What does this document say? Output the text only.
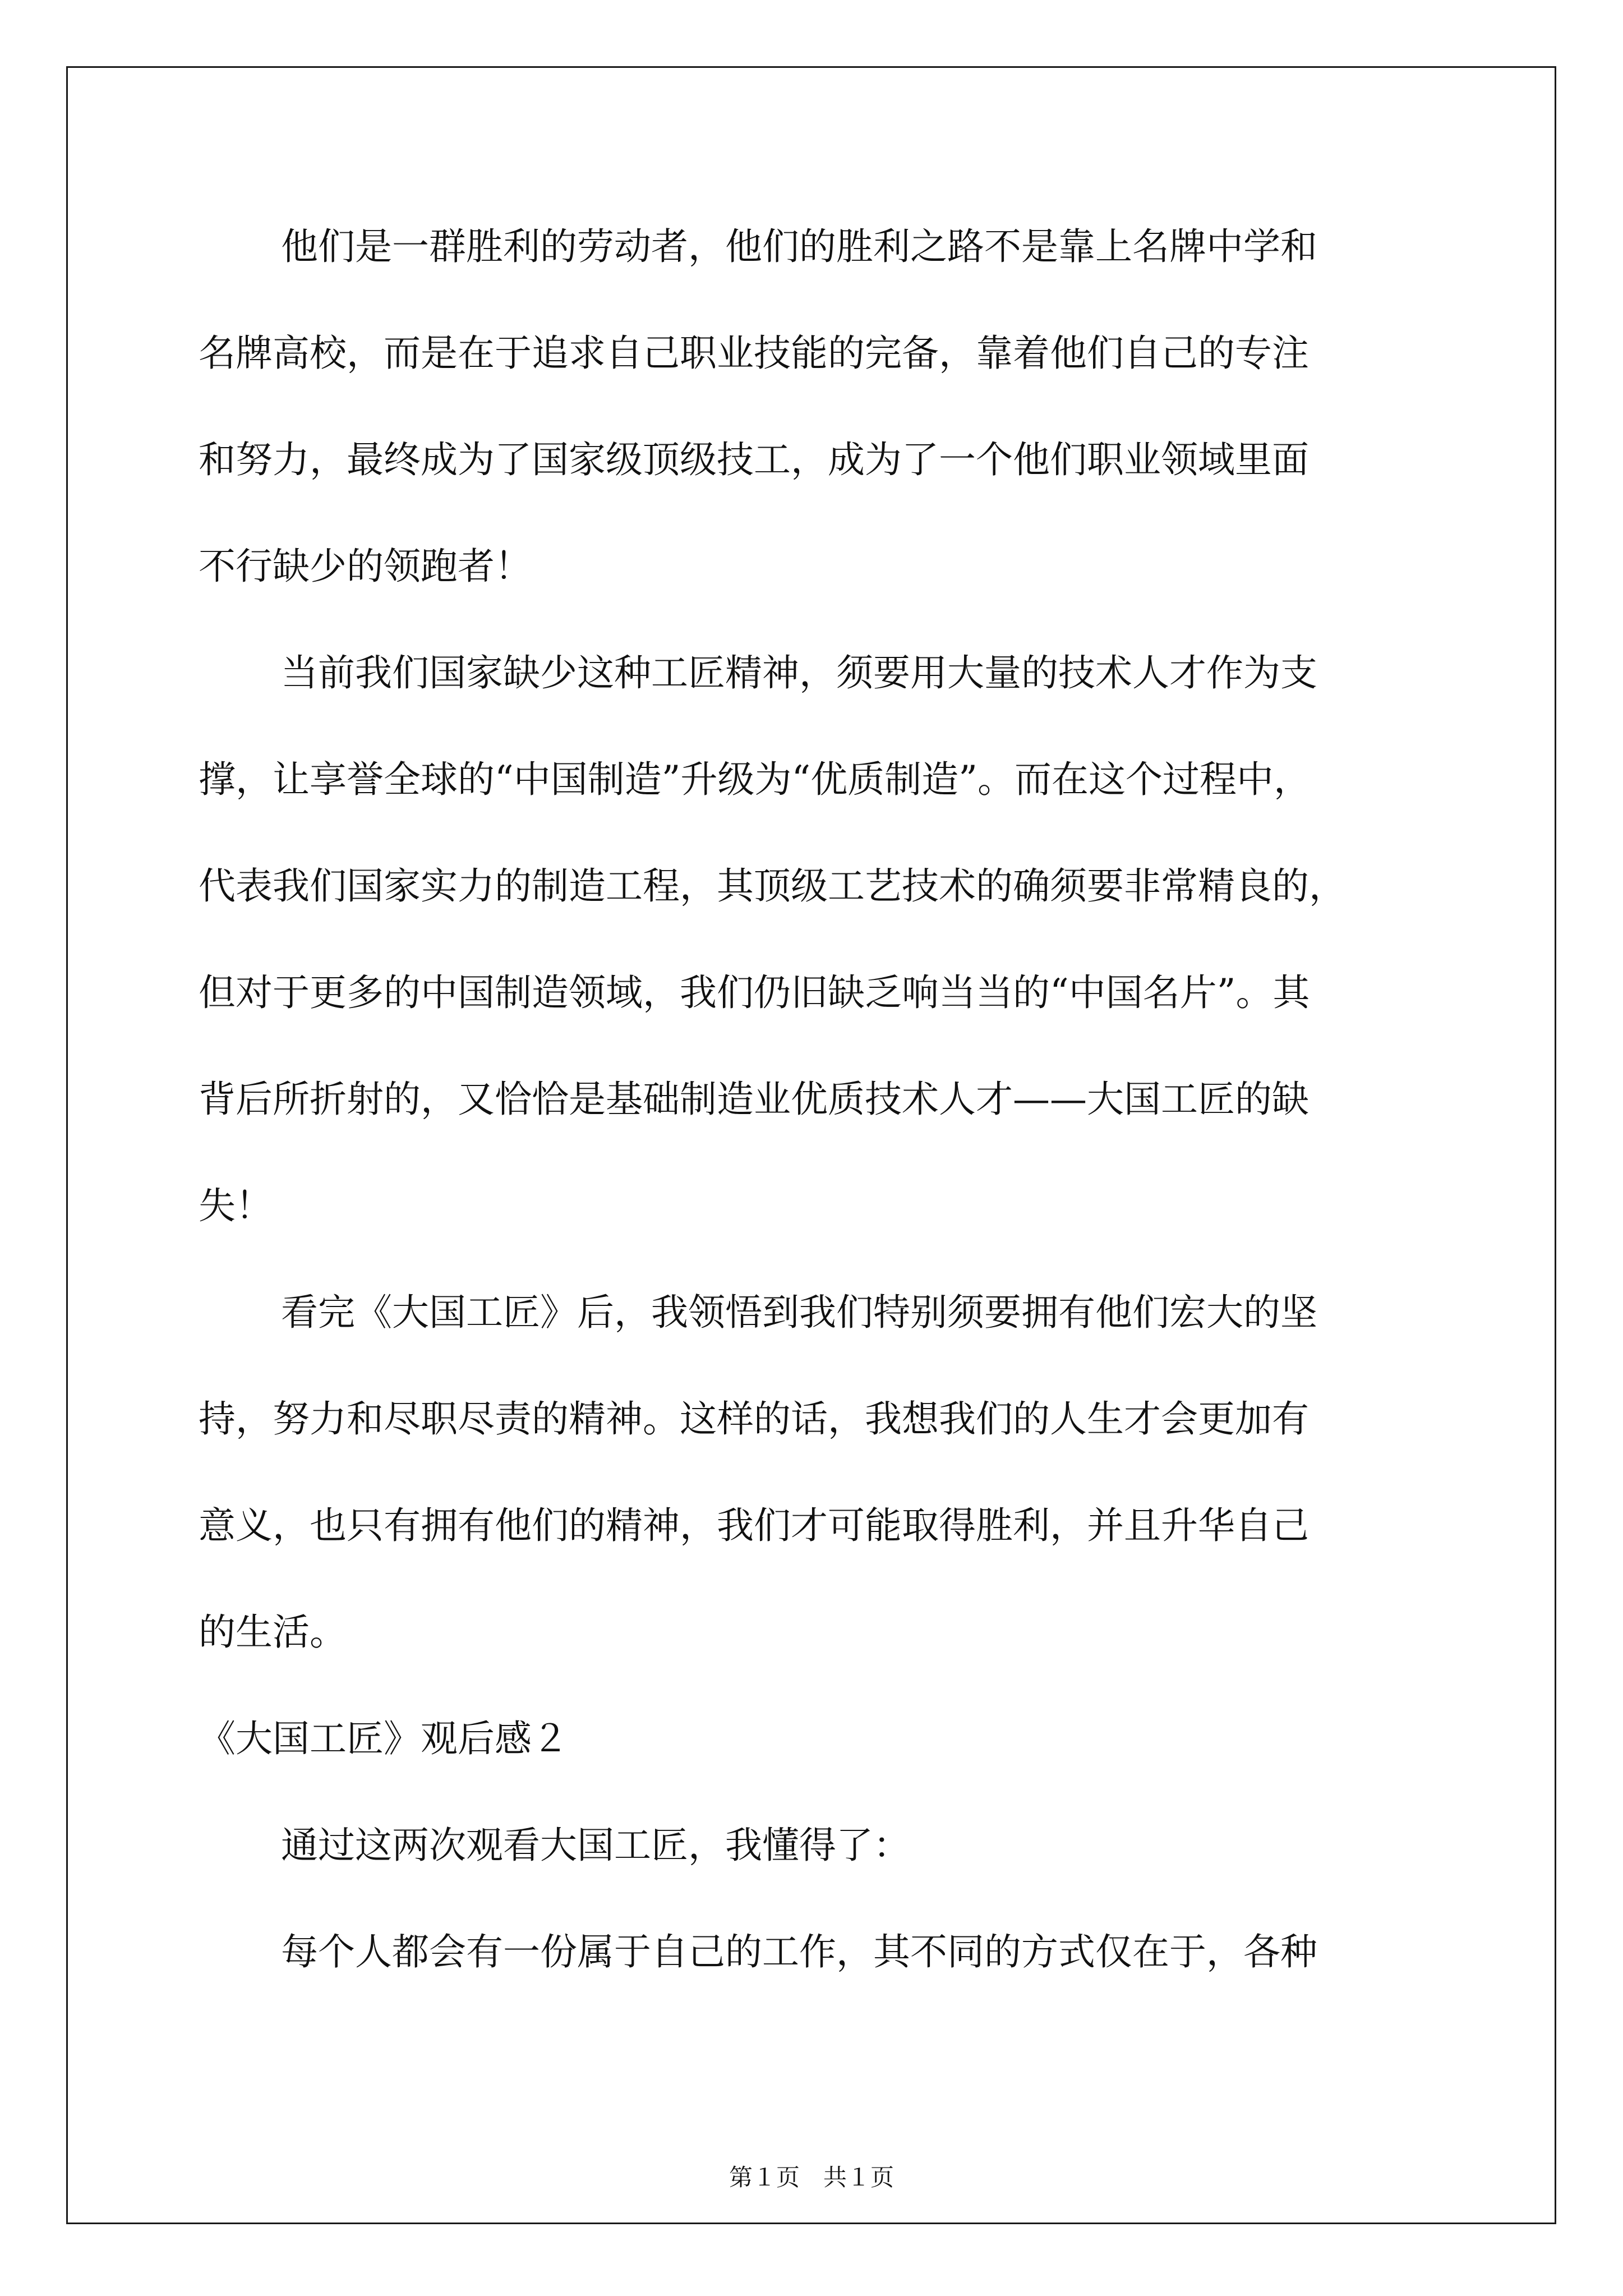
他们是一群胜利的劳动者，他们的胜利之路不是靠上名牌中学和

名牌高校，而是在于追求自己职业技能的完备，靠着他们自己的专注

和努力，最终成为了国家级顶级技工，成为了一个他们职业领域里面

不行缺少的领跑者！

当前我们国家缺少这种工匠精神，须要用大量的技术人才作为支

撑，让享誉全球的“中国制造”升级为“优质制造”。而在这个过程中，

代表我们国家实力的制造工程，其顶级工艺技术的确须要非常精良的，

但对于更多的中国制造领域，我们仍旧缺乏响当当的“中国名片”。其

背后所折射的，又恰恰是基础制造业优质技术人才——大国工匠的缺

失！

看完《大国工匠》后，我领悟到我们特别须要拥有他们宏大的坚

持，努力和尽职尽责的精神。这样的话，我想我们的人生才会更加有

意义，也只有拥有他们的精神，我们才可能取得胜利，并且升华自己

的生活。

《大国工匠》观后感２

通过这两次观看大国工匠，我懂得了：

每个人都会有一份属于自己的工作，其不同的方式仅在于，各种

第１页　共１页
